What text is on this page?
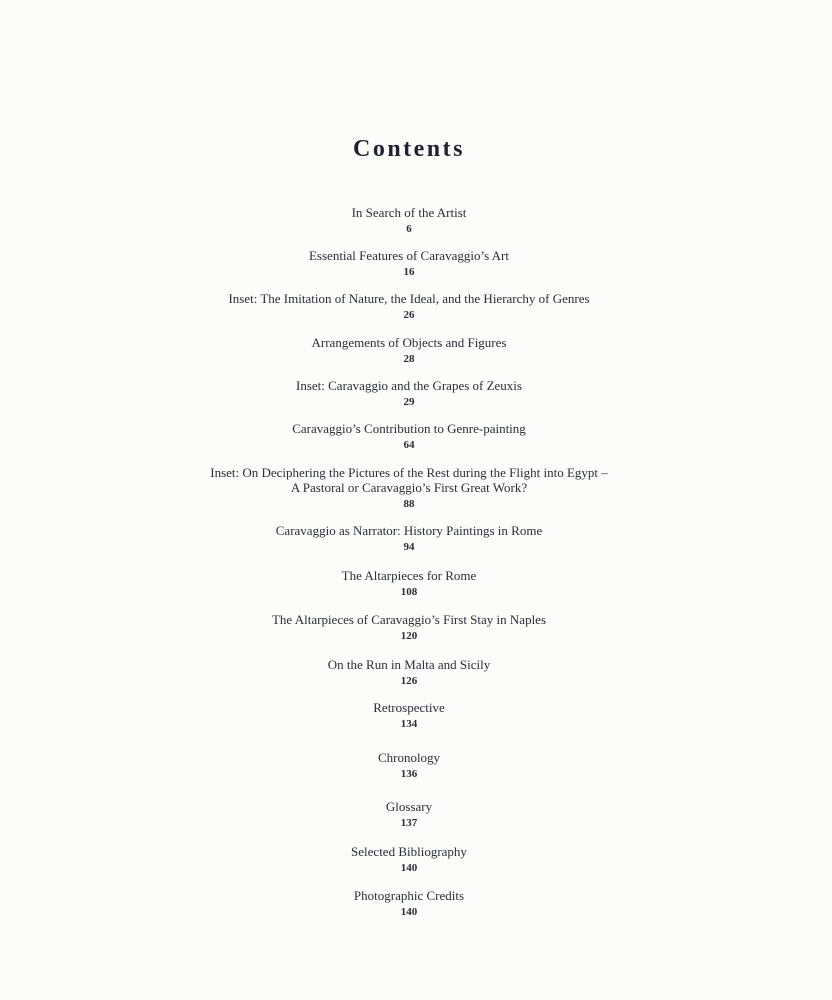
Contents
In Search of the Artist
6
Essential Features of Caravaggio’s Art
16
Inset: The Imitation of Nature, the Ideal, and the Hierarchy of Genres
26
Arrangements of Objects and Figures
28
Inset: Caravaggio and the Grapes of Zeuxis
29
Caravaggio’s Contribution to Genre-painting
64
Inset: On Deciphering the Pictures of the Rest during the Flight into Egypt –
A Pastoral or Caravaggio’s First Great Work?
88
Caravaggio as Narrator: History Paintings in Rome
94
The Altarpieces for Rome
108
The Altarpieces of Caravaggio’s First Stay in Naples
120
On the Run in Malta and Sicily
126
Retrospective
134
Chronology
136
Glossary
137
Selected Bibliography
140
Photographic Credits
140
